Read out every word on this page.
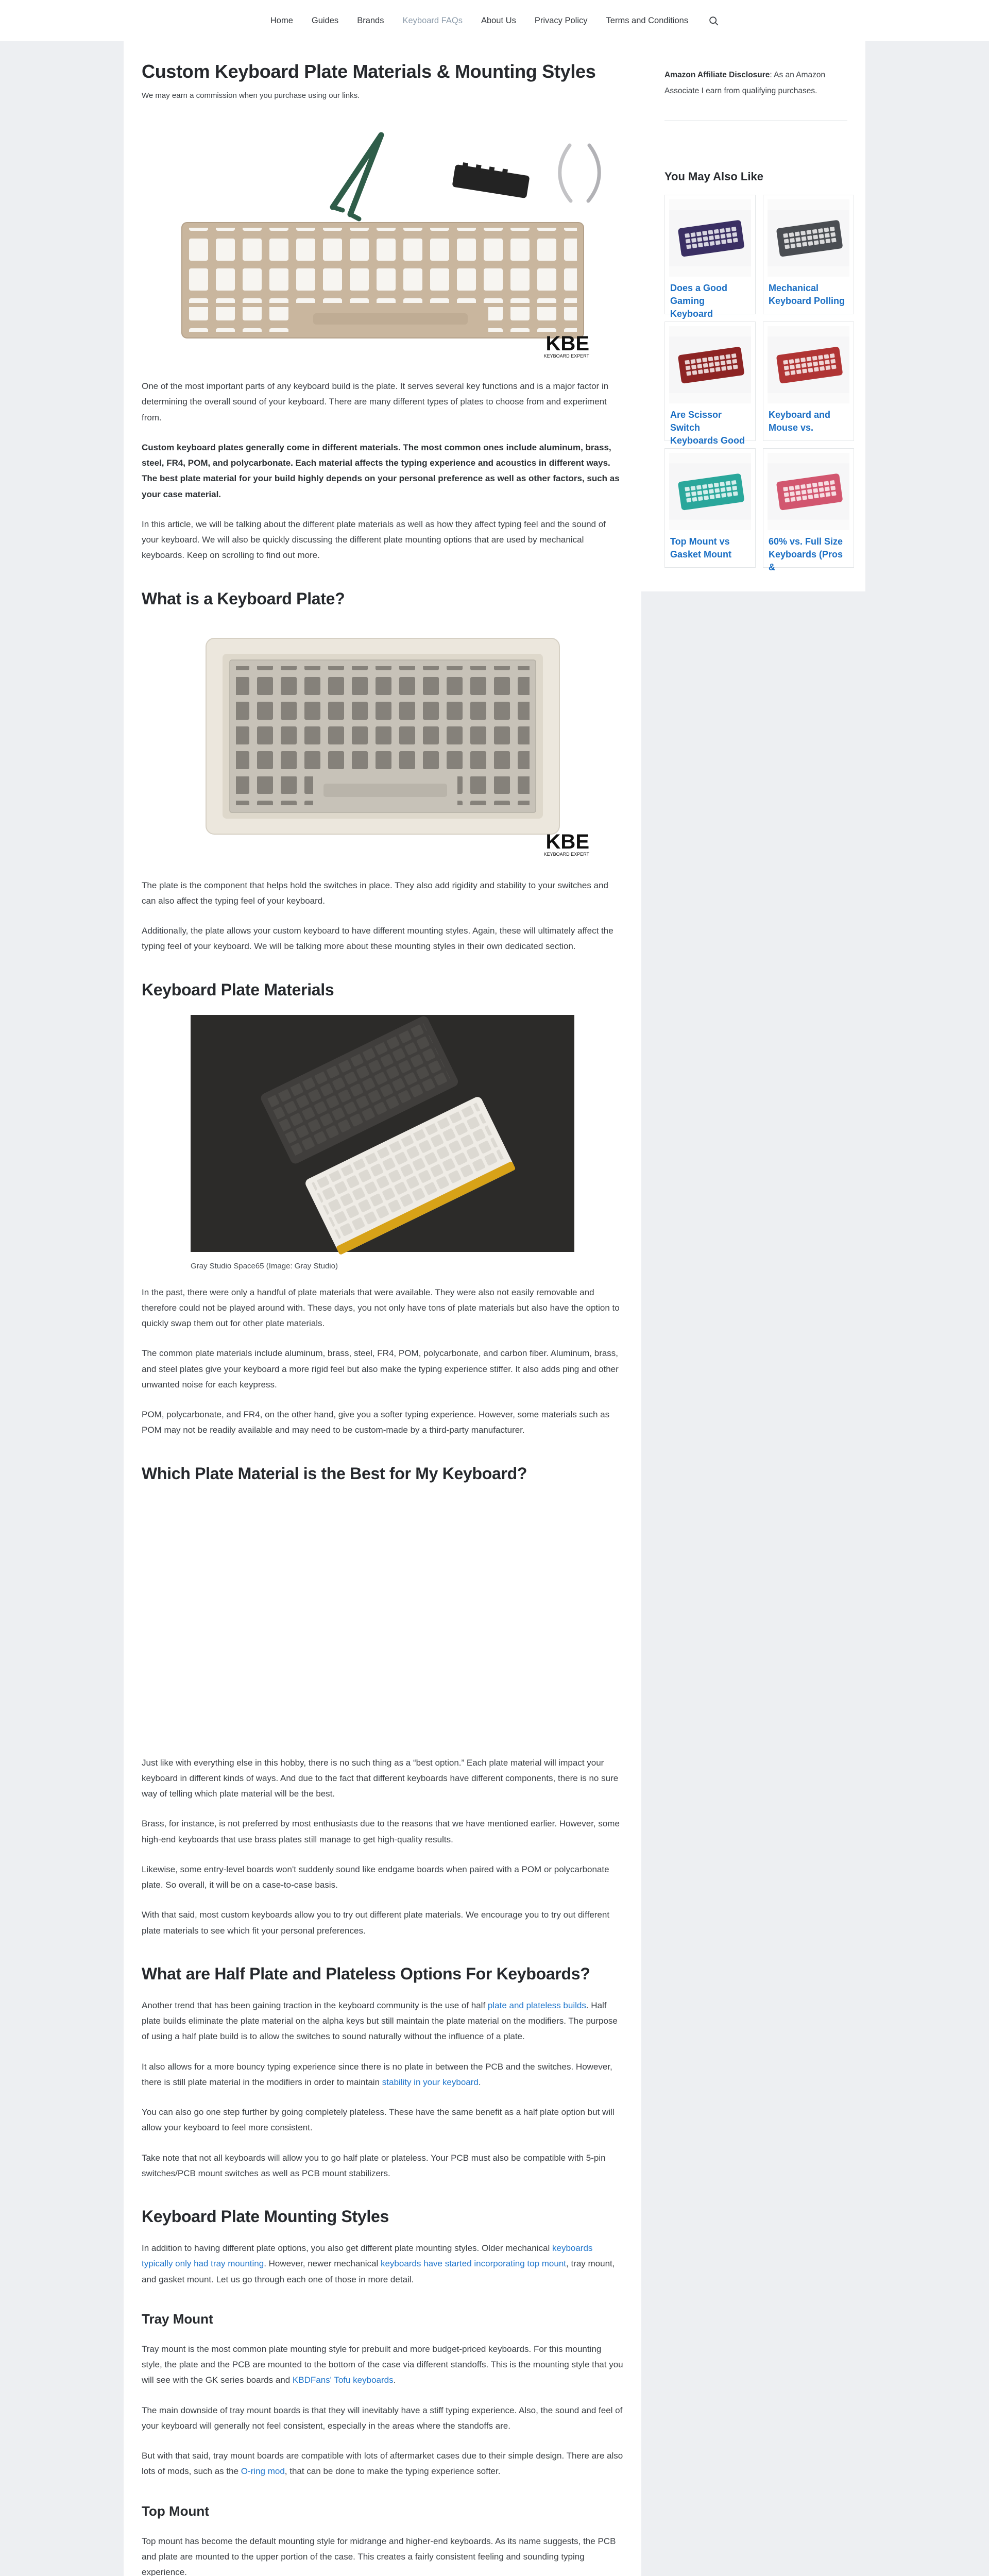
Home Guides Brands Keyboard FAQs About Us Privacy Policy Terms and Conditions
Custom Keyboard Plate Materials & Mounting Styles

We may earn a commission when you purchase using our links.

KBE
KEYBOARD EXPERT

One of the most important parts of any keyboard build is the plate. It serves several key functions and is a major factor in determining the overall sound of your keyboard. There are many different types of plates to choose from and experiment from.

Custom keyboard plates generally come in different materials. The most common ones include aluminum, brass, steel, FR4, POM, and polycarbonate. Each material affects the typing experience and acoustics in different ways. The best plate material for your build highly depends on your personal preference as well as other factors, such as your case material.

In this article, we will be talking about the different plate materials as well as how they affect typing feel and the sound of your keyboard. We will also be quickly discussing the different plate mounting options that are used by mechanical keyboards. Keep on scrolling to find out more.

What is a Keyboard Plate?
KBE
KEYBOARD EXPERT

The plate is the component that helps hold the switches in place. They also add rigidity and stability to your switches and can also affect the typing feel of your keyboard.

Additionally, the plate allows your custom keyboard to have different mounting styles. Again, these will ultimately affect the typing feel of your keyboard. We will be talking more about these mounting styles in their own dedicated section.

Keyboard Plate Materials
Gray Studio Space65 (Image: Gray Studio)

In the past, there were only a handful of plate materials that were available. They were also not easily removable and therefore could not be played around with. These days, you not only have tons of plate materials but also have the option to quickly swap them out for other plate materials.

The common plate materials include aluminum, brass, steel, FR4, POM, polycarbonate, and carbon fiber. Aluminum, brass, and steel plates give your keyboard a more rigid feel but also make the typing experience stiffer. It also adds ping and other unwanted noise for each keypress.

POM, polycarbonate, and FR4, on the other hand, give you a softer typing experience. However, some materials such as POM may not be readily available and may need to be custom-made by a third-party manufacturer.

Which Plate Material is the Best for My Keyboard?

Just like with everything else in this hobby, there is no such thing as a “best option.” Each plate material will impact your keyboard in different kinds of ways. And due to the fact that different keyboards have different components, there is no sure way of telling which plate material will be the best.

Brass, for instance, is not preferred by most enthusiasts due to the reasons that we have mentioned earlier. However, some high-end keyboards that use brass plates still manage to get high-quality results.

Likewise, some entry-level boards won't suddenly sound like endgame boards when paired with a POM or polycarbonate plate. So overall, it will be on a case-to-case basis.

With that said, most custom keyboards allow you to try out different plate materials. We encourage you to try out different plate materials to see which fit your personal preferences.

What are Half Plate and Plateless Options For Keyboards?

Another trend that has been gaining traction in the keyboard community is the use of half plate and plateless builds. Half plate builds eliminate the plate material on the alpha keys but still maintain the plate material on the modifiers. The purpose of using a half plate build is to allow the switches to sound naturally without the influence of a plate.

It also allows for a more bouncy typing experience since there is no plate in between the PCB and the switches. However, there is still plate material in the modifiers in order to maintain stability in your keyboard.

You can also go one step further by going completely plateless. These have the same benefit as a half plate option but will allow your keyboard to feel more consistent.

Take note that not all keyboards will allow you to go half plate or plateless. Your PCB must also be compatible with 5-pin switches/PCB mount switches as well as PCB mount stabilizers.

Keyboard Plate Mounting Styles

In addition to having different plate options, you also get different plate mounting styles. Older mechanical keyboards typically only had tray mounting. However, newer mechanical keyboards have started incorporating top mount, tray mount, and gasket mount. Let us go through each one of those in more detail.

Tray Mount

Tray mount is the most common plate mounting style for prebuilt and more budget-priced keyboards. For this mounting style, the plate and the PCB are mounted to the bottom of the case via different standoffs. This is the mounting style that you will see with the GK series boards and KBDFans' Tofu keyboards.

The main downside of tray mount boards is that they will inevitably have a stiff typing experience. Also, the sound and feel of your keyboard will generally not feel consistent, especially in the areas where the standoffs are.

But with that said, tray mount boards are compatible with lots of aftermarket cases due to their simple design. There are also lots of mods, such as the O-ring mod, that can be done to make the typing experience softer.

Top Mount

Top mount has become the default mounting style for midrange and higher-end keyboards. As its name suggests, the PCB and plate are mounted to the upper portion of the case. This creates a fairly consistent feeling and sounding typing experience.

Amazon Affiliate Disclosure: As an Amazon Associate I earn from qualifying purchases.

You May Also Like
Does a Good Gaming Keyboard
Mechanical Keyboard Polling
Are Scissor Switch Keyboards Good
Keyboard and Mouse vs.
Top Mount vs Gasket Mount
60% vs. Full Size Keyboards (Pros &
